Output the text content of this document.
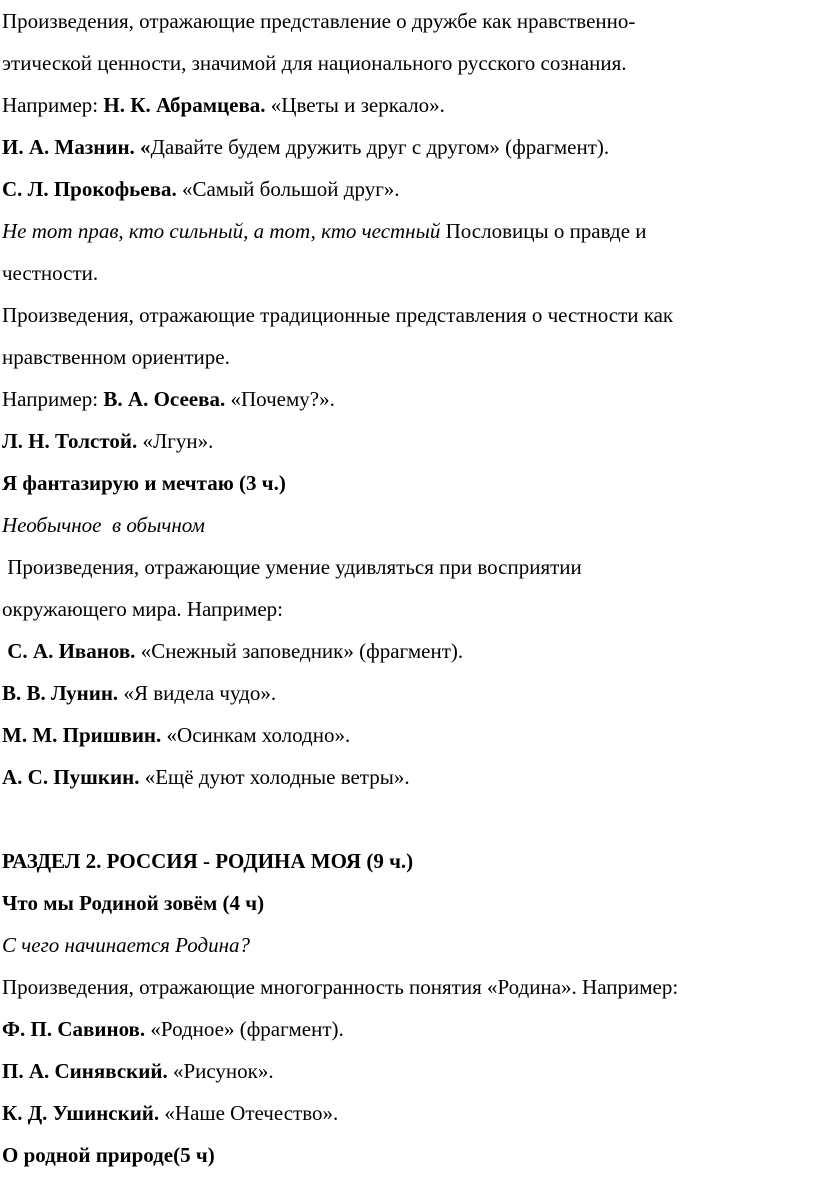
Произведения, отражающие представление о дружбе как нравственно-
этической ценности, значимой для национального русского сознания.
Например: Н. К. Абрамцева. «Цветы и зеркало».
И. А. Мазнин. «Давайте будем дружить друг с другом» (фрагмент).
С. Л. Прокофьева. «Самый большой друг».
Не тот прав, кто сильный, а тот, кто честный Пословицы о правде и
честности.
Произведения, отражающие традиционные представления о честности как
нравственном ориентире.
Например: В. А. Осеева. «Почему?».
Л. Н. Толстой. «Лгун».
Я фантазирую и мечтаю (3 ч.)
Необычное  в обычном
Произведения, отражающие умение удивляться при восприятии
окружающего мира. Например:
С. А. Иванов. «Снежный заповедник» (фрагмент).
В. В. Лунин. «Я видела чудо».
М. М. Пришвин. «Осинкам холодно».
А. С. Пушкин. «Ещё дуют холодные ветры».
РАЗДЕЛ 2. РОССИЯ - РОДИНА МОЯ (9 ч.)
Что мы Родиной зовём (4 ч)
С чего начинается Родина?
Произведения, отражающие многогранность понятия «Родина». Например:
Ф. П. Савинов. «Родное» (фрагмент).
П. А. Синявский. «Рисунок».
К. Д. Ушинский. «Наше Отечество».
О родной природе(5 ч)
